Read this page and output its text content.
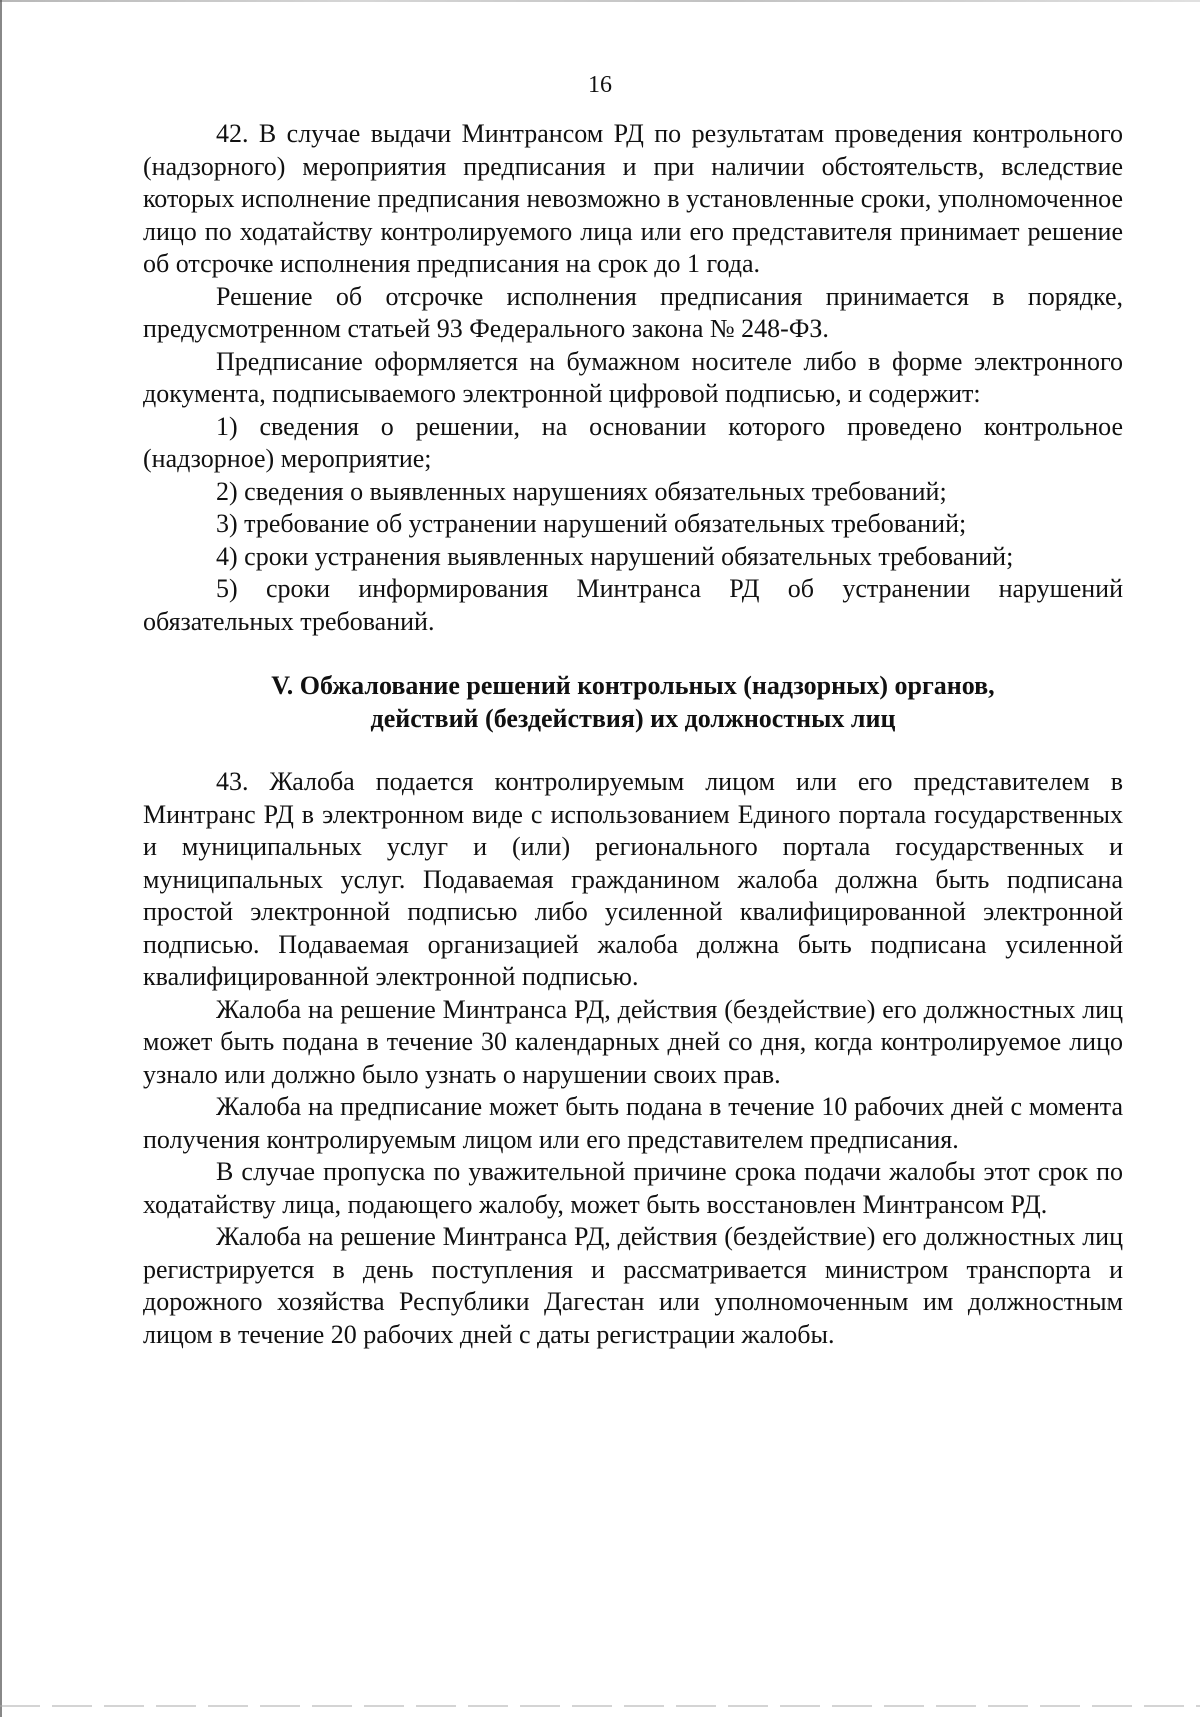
16

42. В случае выдачи Минтрансом РД по результатам проведения контрольного (надзорного) мероприятия предписания и при наличии обстоятельств, вследствие которых исполнение предписания невозможно в установленные сроки, уполномоченное лицо по ходатайству контролируемого лица или его представителя принимает решение об отсрочке исполнения предписания на срок до 1 года.

Решение об отсрочке исполнения предписания принимается в порядке, предусмотренном статьей 93 Федерального закона № 248-ФЗ.

Предписание оформляется на бумажном носителе либо в форме электронного документа, подписываемого электронной цифровой подписью, и содержит:

1) сведения о решении, на основании которого проведено контрольное (надзорное) мероприятие;

2) сведения о выявленных нарушениях обязательных требований;

3) требование об устранении нарушений обязательных требований;

4) сроки устранения выявленных нарушений обязательных требований;

5) сроки информирования Минтранса РД об устранении нарушений обязательных требований.

V. Обжалование решений контрольных (надзорных) органов,
действий (бездействия) их должностных лиц

43. Жалоба подается контролируемым лицом или его представителем в Минтранс РД в электронном виде с использованием Единого портала государственных и муниципальных услуг и (или) регионального портала государственных и муниципальных услуг. Подаваемая гражданином жалоба должна быть подписана простой электронной подписью либо усиленной квалифицированной электронной подписью. Подаваемая организацией жалоба должна быть подписана усиленной квалифицированной электронной подписью.

Жалоба на решение Минтранса РД, действия (бездействие) его должностных лиц может быть подана в течение 30 календарных дней со дня, когда контролируемое лицо узнало или должно было узнать о нарушении своих прав.

Жалоба на предписание может быть подана в течение 10 рабочих дней с момента получения контролируемым лицом или его представителем предписания.

В случае пропуска по уважительной причине срока подачи жалобы этот срок по ходатайству лица, подающего жалобу, может быть восстановлен Минтрансом РД.

Жалоба на решение Минтранса РД, действия (бездействие) его должностных лиц регистрируется в день поступления и рассматривается министром транспорта и дорожного хозяйства Республики Дагестан или уполномоченным им должностным лицом в течение 20 рабочих дней с даты регистрации жалобы.
